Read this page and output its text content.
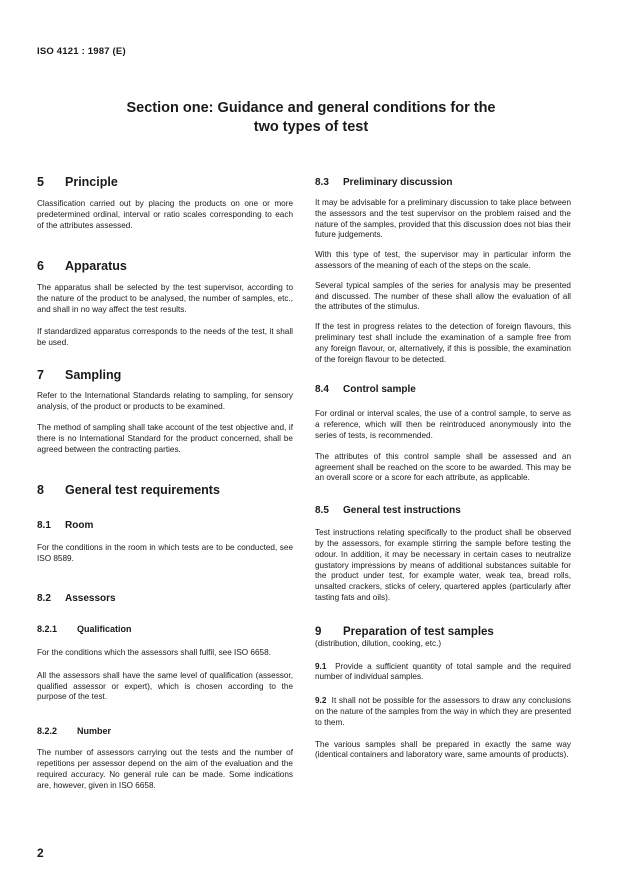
ISO 4121 : 1987 (E)
Section one: Guidance and general conditions for the
two types of test
5 Principle

Classification carried out by placing the products on one or more predetermined ordinal, interval or ratio scales corresponding to each of the attributes assessed.

6 Apparatus

The apparatus shall be selected by the test supervisor, according to the nature of the product to be analysed, the number of samples, etc., and shall in no way affect the test results.

If standardized apparatus corresponds to the needs of the test, it shall be used.

7 Sampling

Refer to the International Standards relating to sampling, for sensory analysis, of the product or products to be examined.

The method of sampling shall take account of the test objective and, if there is no International Standard for the product concerned, shall be agreed between the contracting parties.

8 General test requirements
8.1 Room

For the conditions in the room in which tests are to be conducted, see ISO 8589.

8.2 Assessors
8.2.1 Qualification

For the conditions which the assessors shall fulfil, see ISO 6658.

All the assessors shall have the same level of qualification (assessor, qualified assessor or expert), which is chosen according to the purpose of the test.

8.2.2 Number

The number of assessors carrying out the tests and the number of repetitions per assessor depend on the aim of the evaluation and the required accuracy. No general rule can be made. Some indications are, however, given in ISO 6658.

8.3 Preliminary discussion

It may be advisable for a preliminary discussion to take place between the assessors and the test supervisor on the problem raised and the nature of the samples, provided that this discussion does not bias their future judgements.

With this type of test, the supervisor may in particular inform the assessors of the meaning of each of the steps on the scale.

Several typical samples of the series for analysis may be presented and discussed. The number of these shall allow the evaluation of all the attributes of the stimulus.

If the test in progress relates to the detection of foreign flavours, this preliminary test shall include the examination of a sample free from any foreign flavour, or, alternatively, if this is possible, the examination of the foreign flavour to be detected.

8.4 Control sample

For ordinal or interval scales, the use of a control sample, to serve as a reference, which will then be reintroduced anonymously into the series of tests, is recommended.

The attributes of this control sample shall be assessed and an agreement shall be reached on the score to be awarded. This may be an overall score or a score for each attribute, as applicable.

8.5 General test instructions

Test instructions relating specifically to the product shall be observed by the assessors, for example stirring the sample before testing the odour. In addition, it may be necessary in certain cases to neutralize gustatory impressions by means of additional substances suitable for the product under test, for example water, weak tea, bread rolls, unsalted crackers, sticks of celery, quartered apples (particularly after tasting fats and oils).

9 Preparation of test samples

(distribution, dilution, cooking, etc.)

9.1 Provide a sufficient quantity of total sample and the required number of individual samples.

9.2 It shall not be possible for the assessors to draw any conclusions on the nature of the samples from the way in which they are presented to them.

The various samples shall be prepared in exactly the same way (identical containers and laboratory ware, same amounts of products).

2
